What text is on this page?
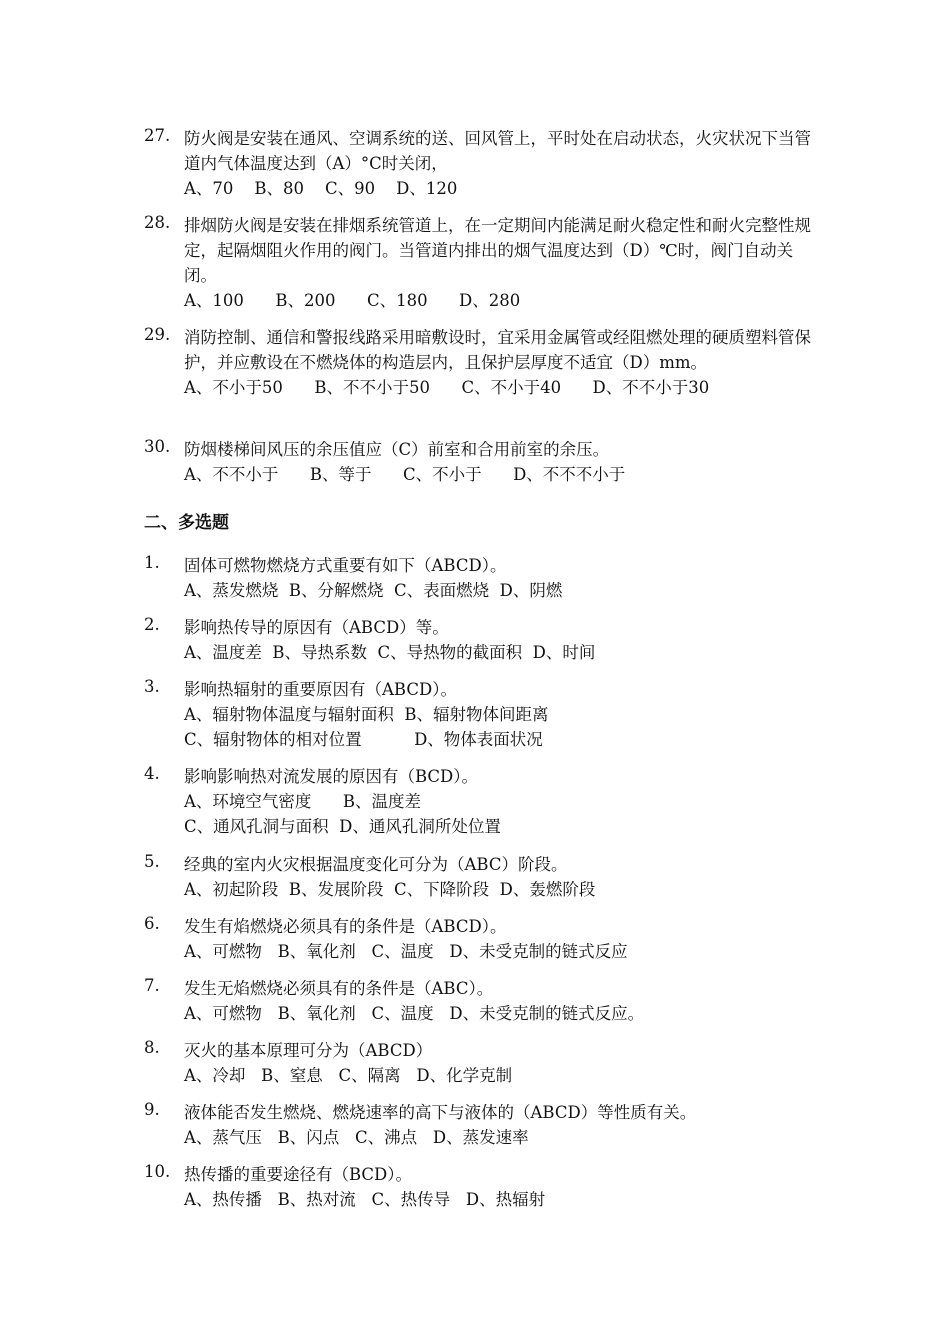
27. 防火阀是安装在通风、空调系统的送、回风管上，平时处在启动状态，火灾状况下当管道内气体温度达到（A）°C时关闭，
A、70    B、80    C、90    D、120
28. 排烟防火阀是安装在排烟系统管道上，在一定期间内能满足耐火稳定性和耐火完整性规定，起隔烟阻火作用的阀门。当管道内排出的烟气温度达到（D）℃时，阀门自动关闭。
A、100      B、200      C、180      D、280
29. 消防控制、通信和警报线路采用暗敷设时，宜采用金属管或经阻燃处理的硬质塑料管保护，并应敷设在不燃烧体的构造层内，且保护层厚度不适宜（D）mm。
A、不小于50      B、不不小于50      C、不小于40      D、不不小于30
30. 防烟楼梯间风压的余压值应（C）前室和合用前室的余压。
A、不不小于      B、等于      C、不小于      D、不不不小于
二、多选题
1. 固体可燃物燃烧方式重要有如下（ABCD）。
A、蒸发燃烧  B、分解燃烧  C、表面燃烧  D、阴燃
2. 影响热传导的原因有（ABCD）等。
A、温度差  B、导热系数  C、导热物的截面积  D、时间
3. 影响热辐射的重要原因有（ABCD）。
A、辐射物体温度与辐射面积  B、辐射物体间距离
C、辐射物体的相对位置          D、物体表面状况
4. 影响影响热对流发展的原因有（BCD）。
A、环境空气密度      B、温度差
C、通风孔洞与面积  D、通风孔洞所处位置
5. 经典的室内火灾根据温度变化可分为（ABC）阶段。
A、初起阶段  B、发展阶段  C、下降阶段  D、轰燃阶段
6. 发生有焰燃烧必须具有的条件是（ABCD）。
A、可燃物   B、氧化剂   C、温度   D、未受克制的链式反应
7. 发生无焰燃烧必须具有的条件是（ABC）。
A、可燃物   B、氧化剂   C、温度   D、未受克制的链式反应。
8. 灭火的基本原理可分为（ABCD）
A、冷却   B、窒息   C、隔离   D、化学克制
9. 液体能否发生燃烧、燃烧速率的高下与液体的（ABCD）等性质有关。
A、蒸气压   B、闪点   C、沸点   D、蒸发速率
10. 热传播的重要途径有（BCD）。
A、热传播   B、热对流   C、热传导   D、热辐射
